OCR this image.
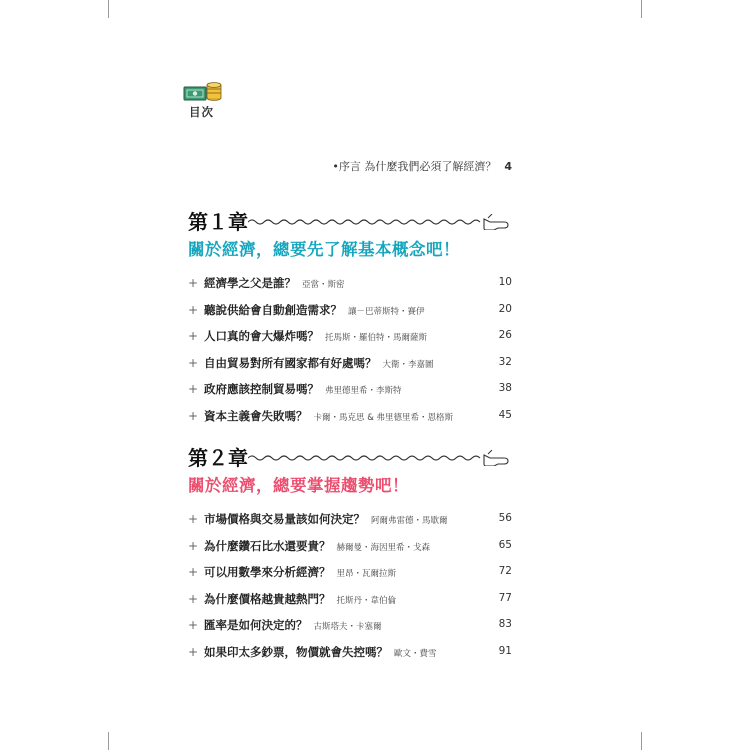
目次
•序言 為什麼我們必須了解經濟？ 4
第１章
關於經濟，總要先了解基本概念吧！
+ 經濟學之父是誰？ 亞當・斯密	10
+ 聽說供給會自動創造需求？ 讓－巴蒂斯特・賽伊	20
+ 人口真的會大爆炸嗎？ 托馬斯・羅伯特・馬爾薩斯	26
+ 自由貿易對所有國家都有好處嗎？ 大衛・李嘉圖	32
+ 政府應該控制貿易嗎？ 弗里德里希・李斯特	38
+ 資本主義會失敗嗎？ 卡爾・馬克思 & 弗里德里希・恩格斯	45
第２章
關於經濟，總要掌握趨勢吧！
+ 市場價格與交易量該如何決定？ 阿爾弗雷德・馬歇爾	56
+ 為什麼鑽石比水還要貴？ 赫爾曼・海因里希・戈森	65
+ 可以用數學來分析經濟？ 里昂・瓦爾拉斯	72
+ 為什麼價格越貴越熱門？ 托斯丹・韋伯倫	77
+ 匯率是如何決定的？ 古斯塔夫・卡塞爾	83
+ 如果印太多鈔票，物價就會失控嗎？ 歐文・費雪	91
